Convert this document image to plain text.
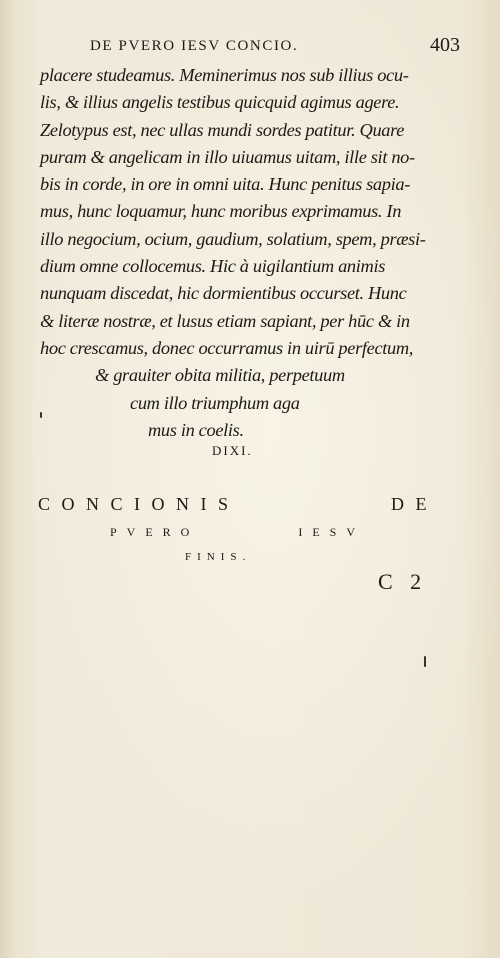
DE PVERO IESV CONCIO.	403
placere studeamus. Meminerimus nos sub illius ocu-
lis, & illius angelis testibus quicquid agimus agere.
Zelotypus est, nec ullas mundi sordes patitur. Quare
puram & angelicam in illo uiuamus uitam, ille sit no-
bis in corde, in ore in omni uita. Hunc penitus sapia-
mus, hunc loquamur, hunc moribus exprimamus. In
illo negocium, ocium, gaudium, solatium, spem, præsi-
dium omne collocemus. Hic à uigilantium animis
nunquam discedat, hic dormientibus occurset. Hunc
& literæ nostræ, et lusus etiam sapiant, per hūc & in
hoc crescamus, donec occurramus in uirū perfectum,
& grauiter obita militia, perpetuum
cum illo triumphum aga
mus in coelis.
DIXI.
CONCIONIS DE
PVERO IESV
FINIS.
C 2
